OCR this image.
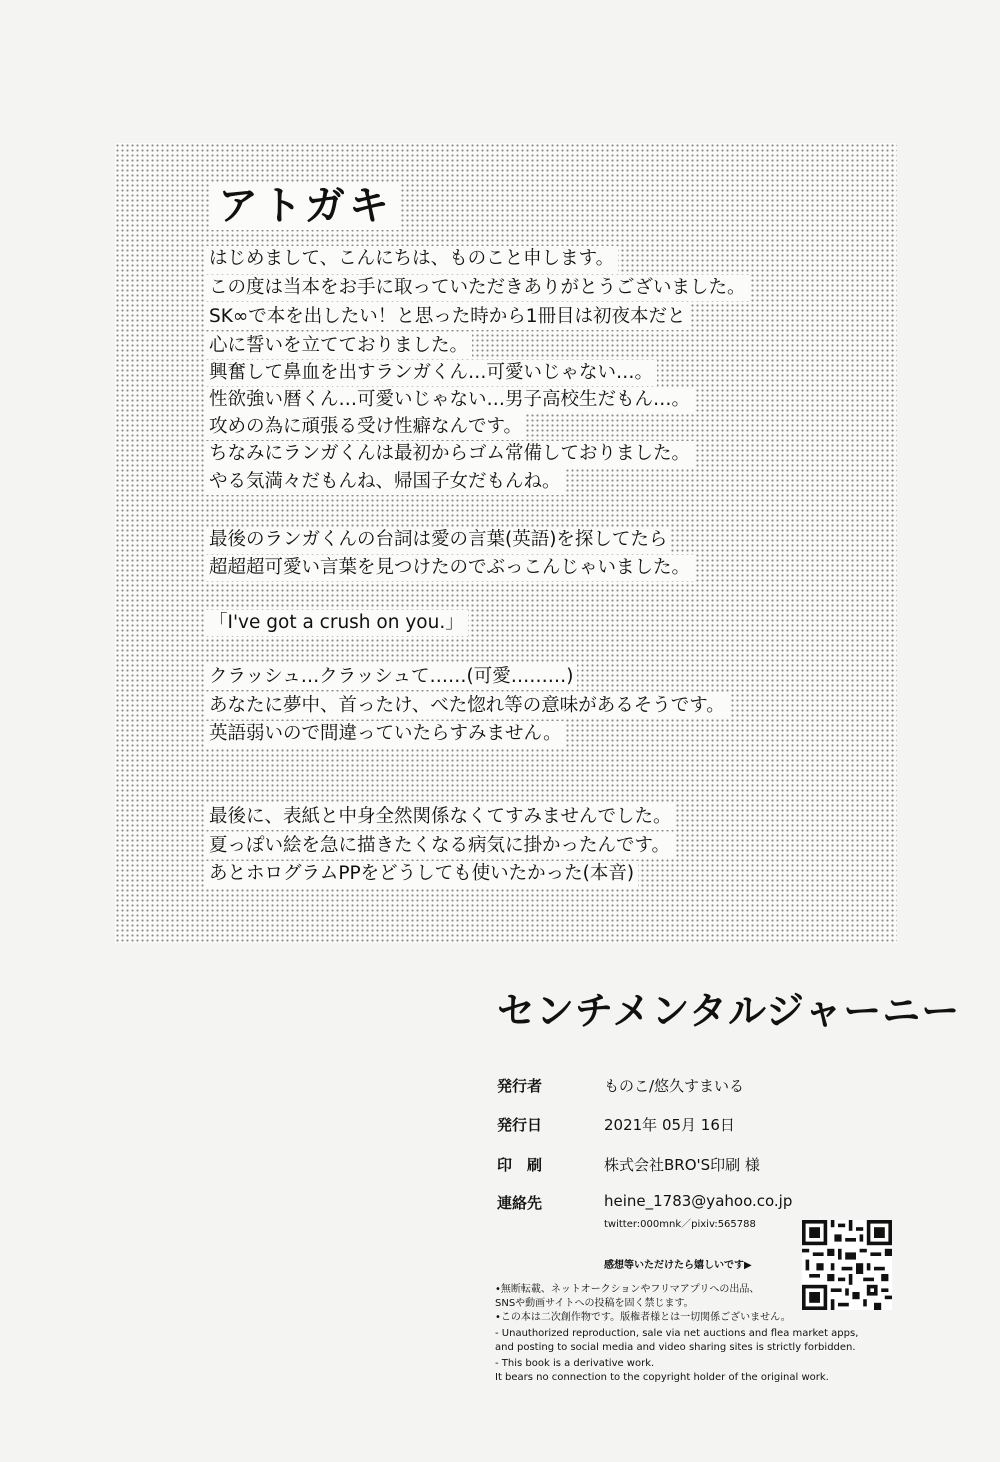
アトガキ
はじめまして、こんにちは、ものこと申します。
この度は当本をお手に取っていただきありがとうございました。
SK∞で本を出したい！と思った時から1冊目は初夜本だと
心に誓いを立てておりました。
興奮して鼻血を出すランガくん…可愛いじゃない…。
性欲強い暦くん…可愛いじゃない…男子高校生だもん…。
攻めの為に頑張る受け性癖なんです。
ちなみにランガくんは最初からゴム常備しておりました。
やる気満々だもんね、帰国子女だもんね。
最後のランガくんの台詞は愛の言葉(英語)を探してたら
超超超可愛い言葉を見つけたのでぶっこんじゃいました。
「I've got a crush on you.」
クラッシュ…クラッシュて……(可愛………)
あなたに夢中、首ったけ、べた惚れ等の意味があるそうです。
英語弱いので間違っていたらすみません。
最後に、表紙と中身全然関係なくてすみませんでした。
夏っぽい絵を急に描きたくなる病気に掛かったんです。
あとホログラムPPをどうしても使いたかった(本音)
センチメンタルジャーニー
発行者	ものこ/悠久すまいる
発行日	2021年 05月 16日
印　刷	株式会社BRO'S印刷 様
連絡先	heine_1783@yahoo.co.jp
twitter:000mnk／pixiv:565788
感想等いただけたら嬉しいです▶
•無断転載、ネットオークションやフリマアプリへの出品、
SNSや動画サイトへの投稿を固く禁じます。
•この本は二次創作物です。版権者様とは一切関係ございません。
- Unauthorized reproduction, sale via net auctions and flea market apps,
and posting to social media and video sharing sites is strictly forbidden.
- This book is a derivative work.
It bears no connection to the copyright holder of the original work.
